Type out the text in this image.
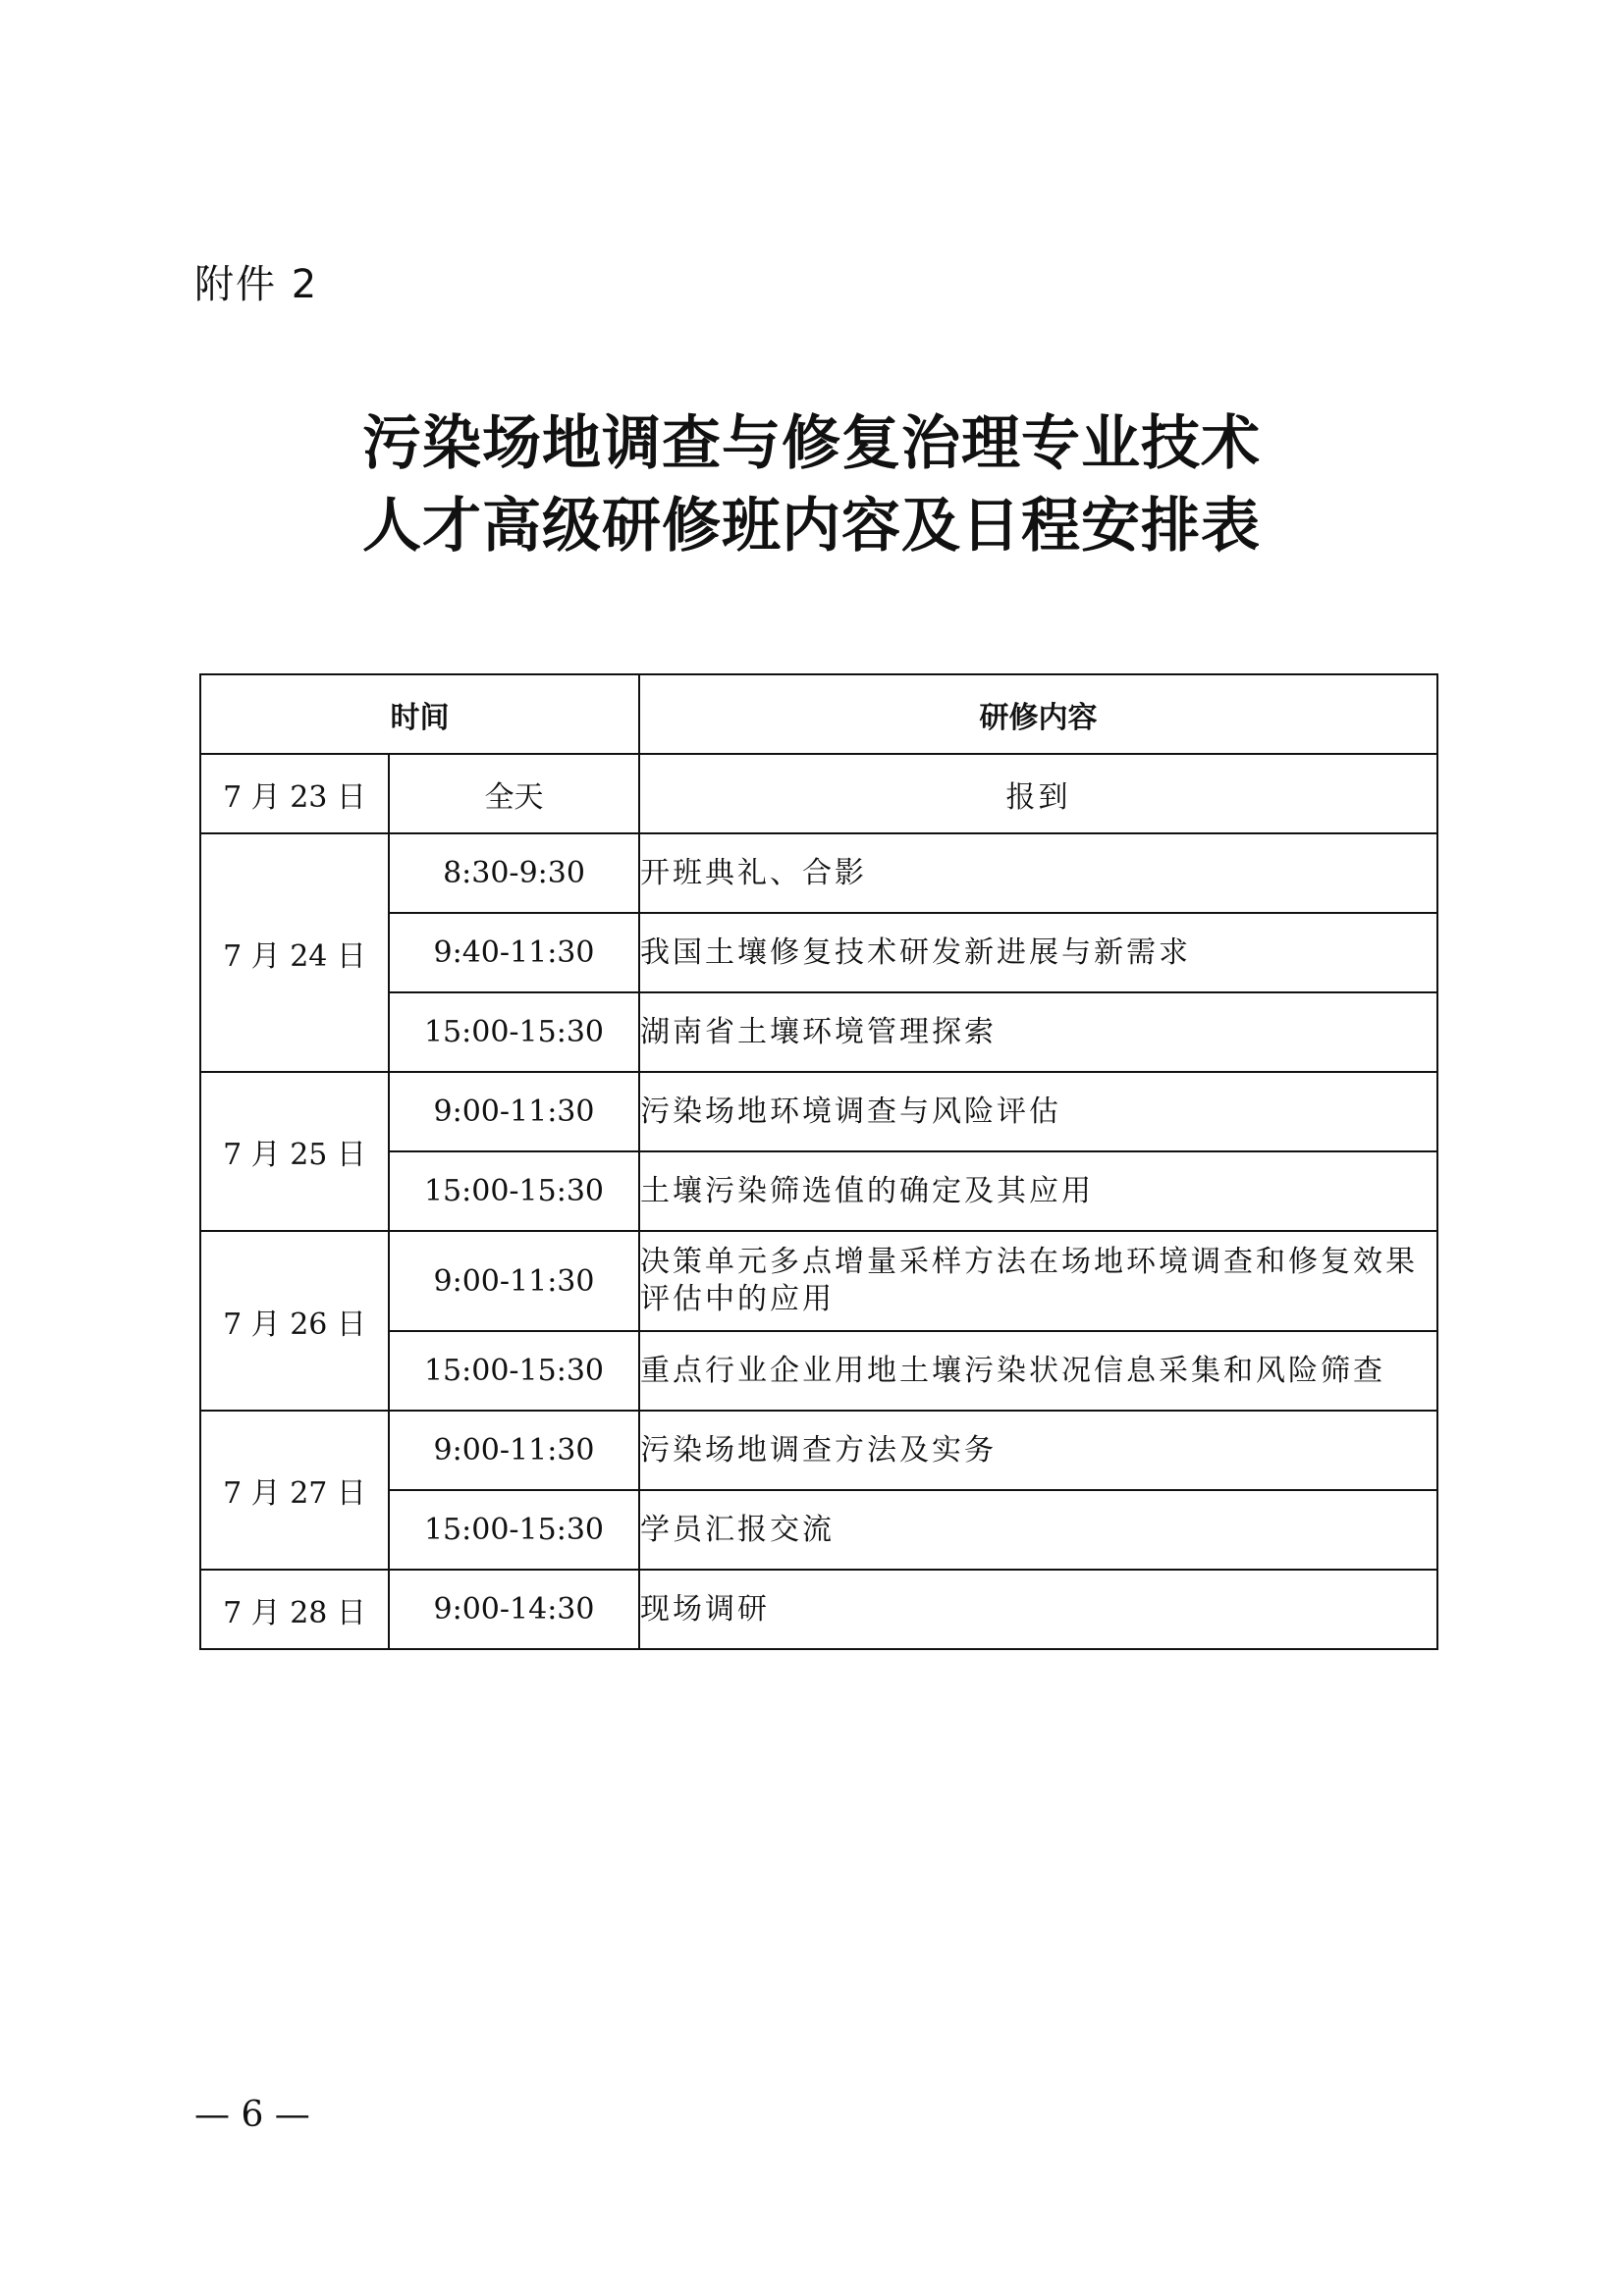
附件 2
污染场地调查与修复治理专业技术
人才高级研修班内容及日程安排表
时间		研修内容
7 月 23 日	全天	报到
7 月 24 日	8:30-9:30	开班典礼、合影
	9:40-11:30	我国土壤修复技术研发新进展与新需求
	15:00-15:30	湖南省土壤环境管理探索
7 月 25 日	9:00-11:30	污染场地环境调查与风险评估
	15:00-15:30	土壤污染筛选值的确定及其应用
7 月 26 日	9:00-11:30	决策单元多点增量采样方法在场地环境调查和修复效果评估中的应用
	15:00-15:30	重点行业企业用地土壤污染状况信息采集和风险筛查
7 月 27 日	9:00-11:30	污染场地调查方法及实务
	15:00-15:30	学员汇报交流
7 月 28 日	9:00-14:30	现场调研
— 6 —
